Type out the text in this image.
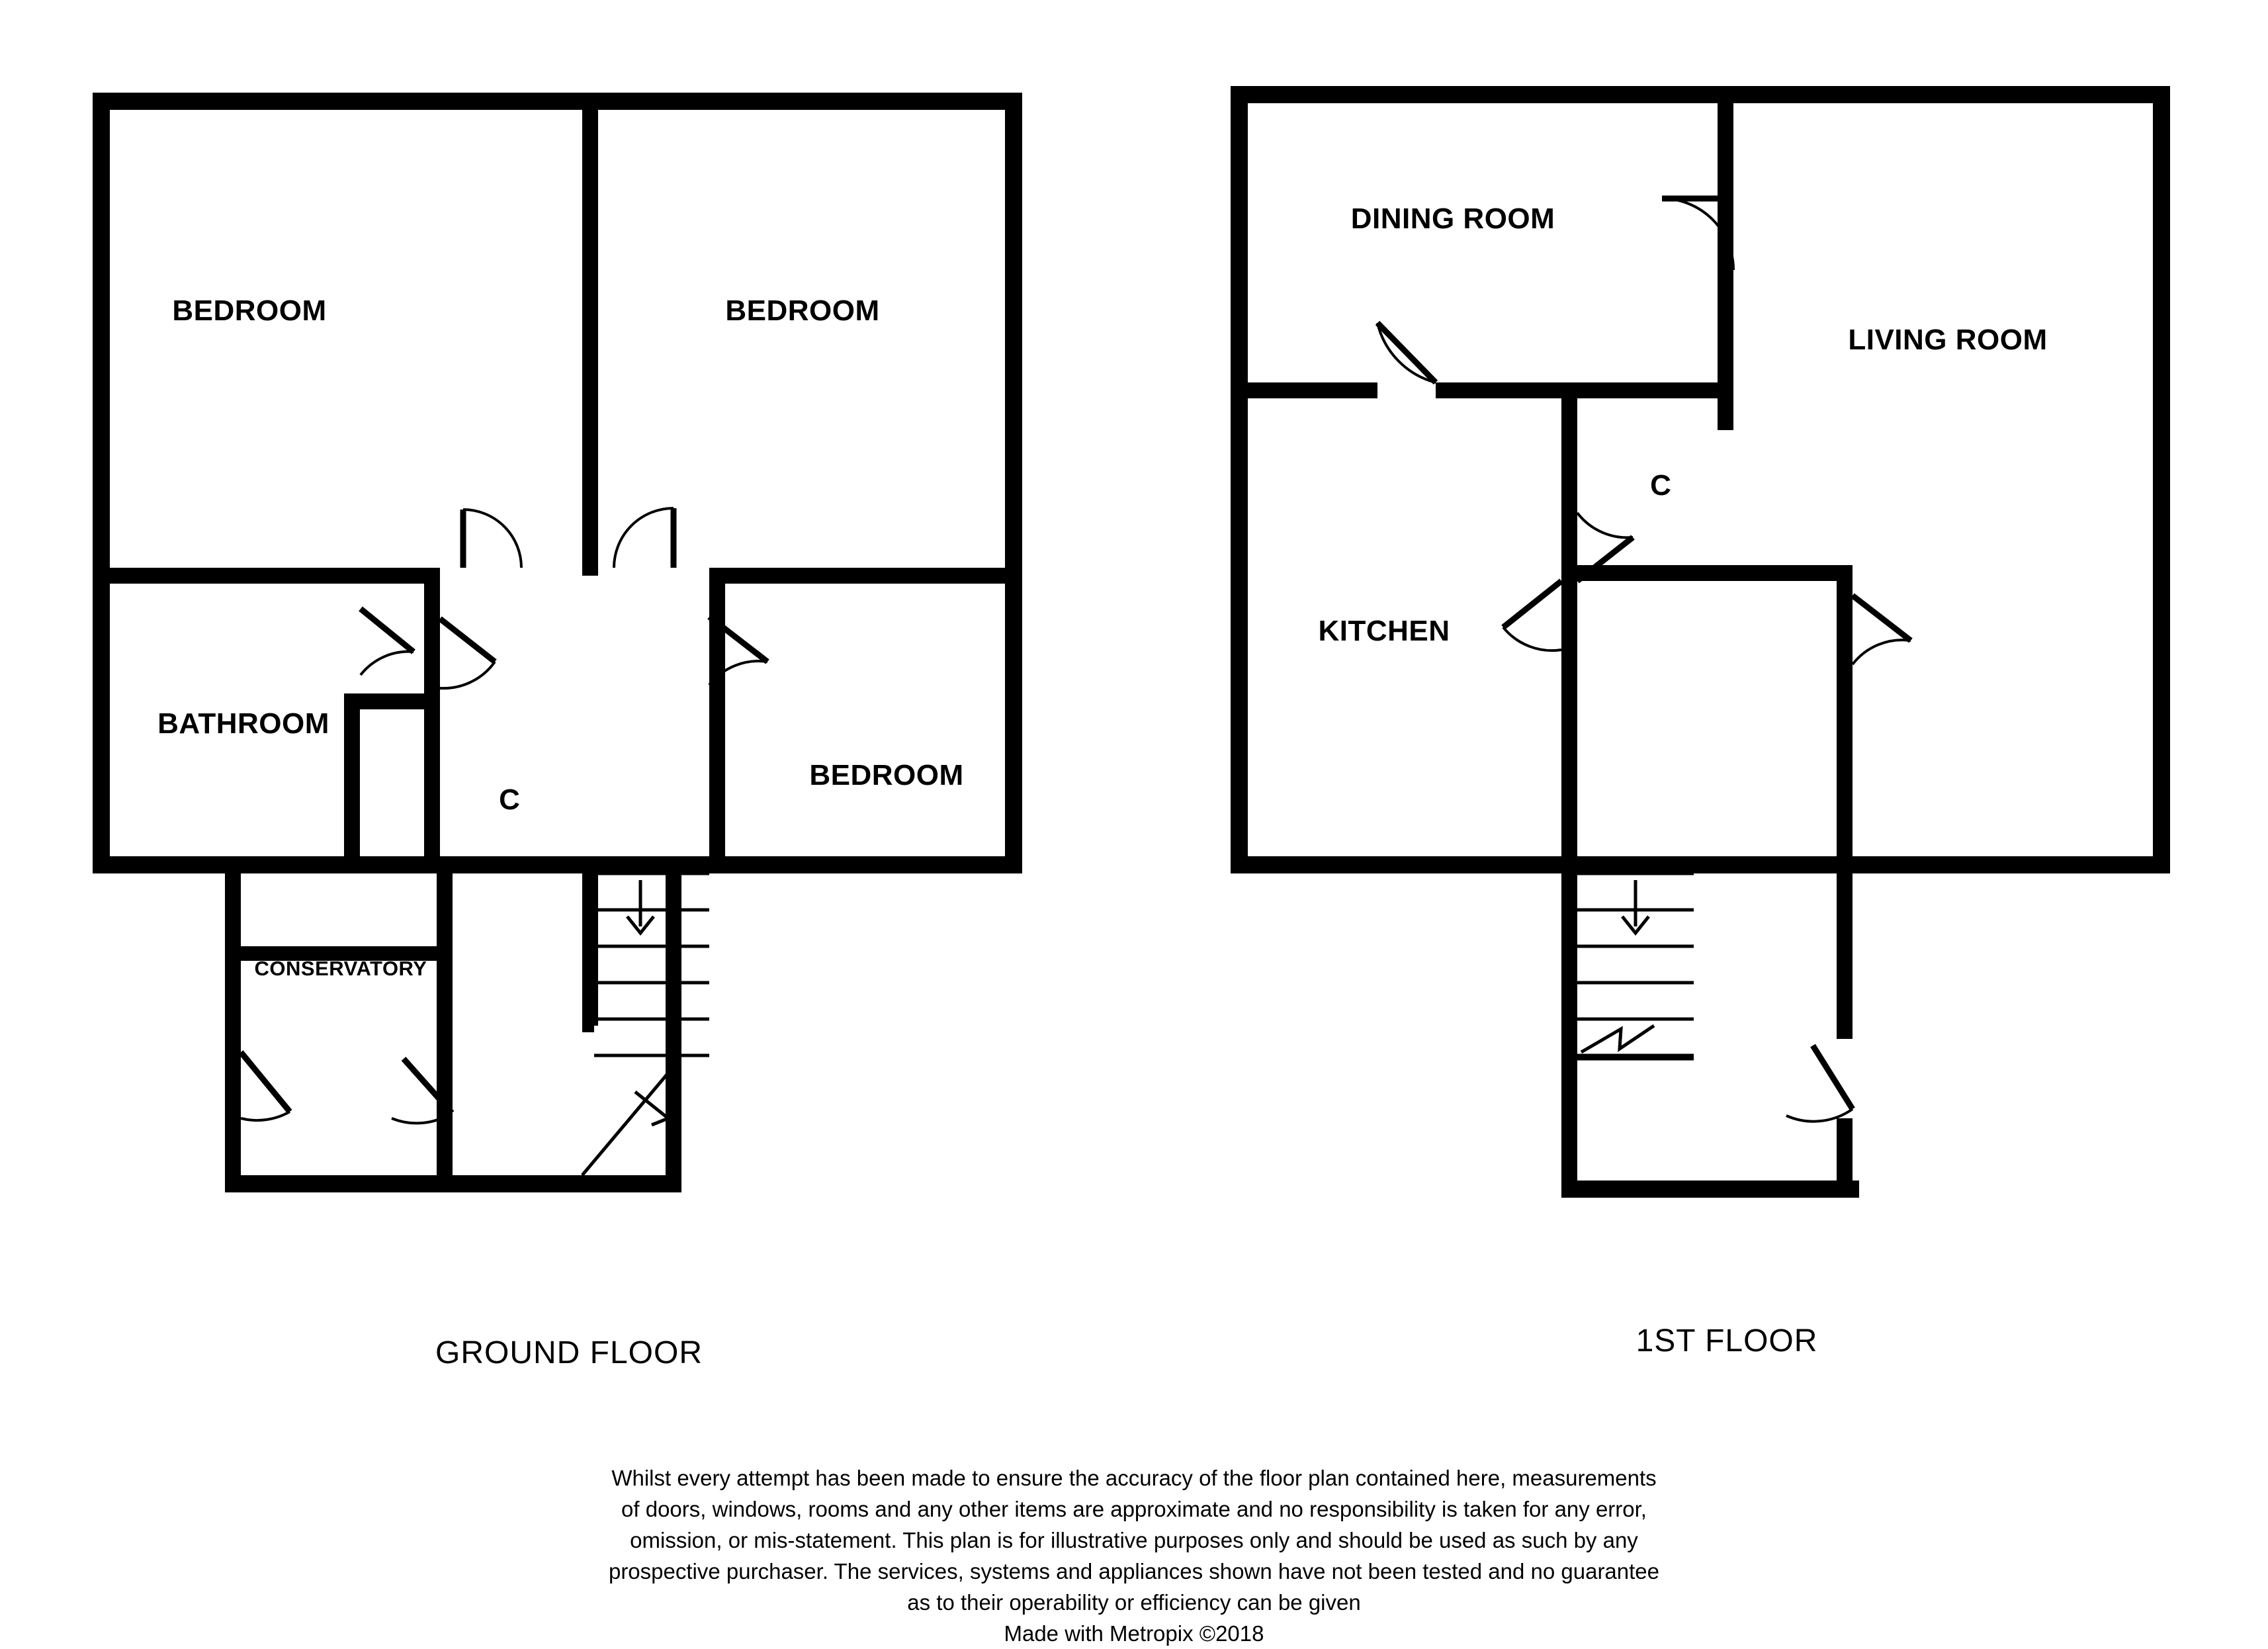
BEDROOM	BEDROOM
BATHROOM
BEDROOM
CONSERVATORY
C
GROUND FLOOR
DINING ROOM
LIVING ROOM
KITCHEN
C
1ST FLOOR
Whilst every attempt has been made to ensure the accuracy of the floor plan contained here, measurements
of doors, windows, rooms and any other items are approximate and no responsibility is taken for any error,
omission, or mis-statement. This plan is for illustrative purposes only and should be used as such by any
prospective purchaser. The services, systems and appliances shown have not been tested and no guarantee
as to their operability or efficiency can be given
Made with Metropix ©2018
